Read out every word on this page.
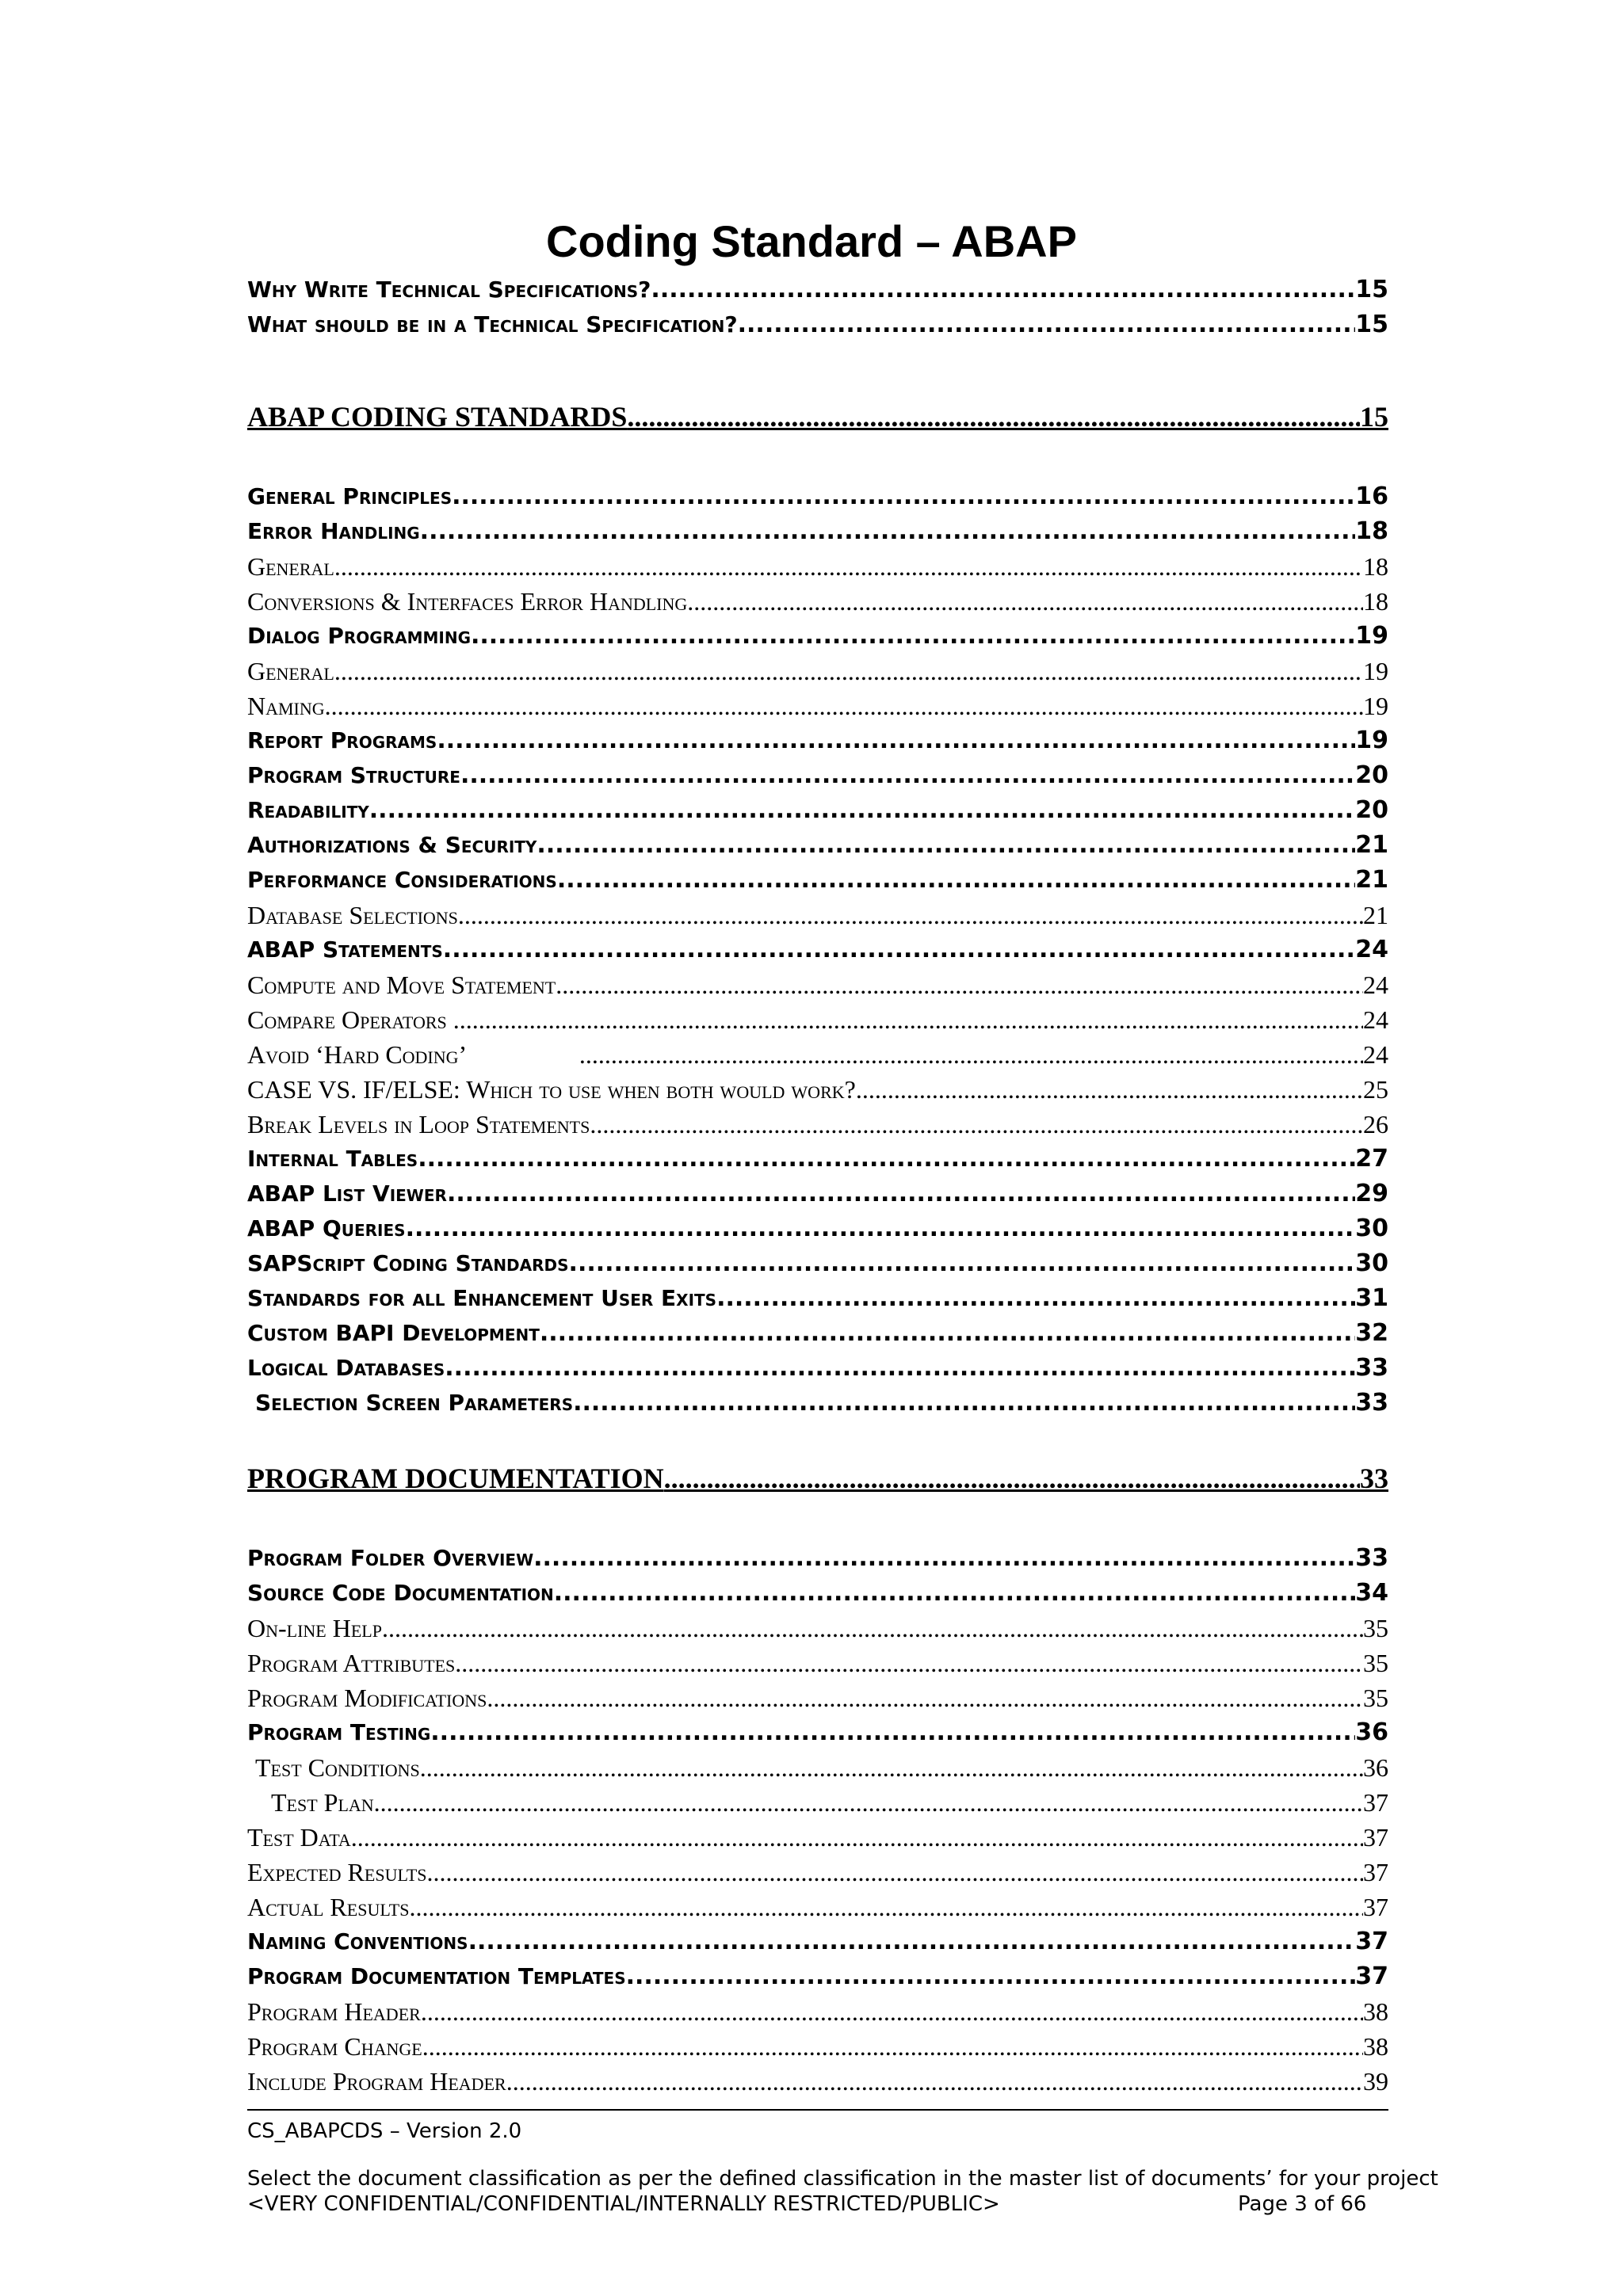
Coding Standard – ABAP
Why Write Technical Specifications? .....	15
What should be in a Technical Specification? .....	15
ABAP CODING STANDARDS .....	15
General Principles .....	16
Error Handling .....	18
General .....	18
Conversions & Interfaces Error Handling .....	18
Dialog Programming .....	19
General .....	19
Naming .....	19
Report Programs .....	19
Program Structure .....	20
Readability .....	20
Authorizations & Security .....	21
Performance Considerations .....	21
Database Selections .....	21
ABAP Statements .....	24
Compute and Move Statement .....	24
Compare Operators .....	24
Avoid ‘Hard Coding’ .....	24
CASE VS. IF/ELSE: Which to use when both would work? .....	25
Break Levels in Loop Statements .....	26
Internal Tables .....	27
ABAP List Viewer .....	29
ABAP Queries .....	30
SAPScript Coding Standards .....	30
Standards for all Enhancement User Exits .....	31
Custom BAPI Development .....	32
Logical Databases .....	33
Selection Screen Parameters .....	33
PROGRAM DOCUMENTATION .....	33
Program Folder Overview .....	33
Source Code Documentation .....	34
On-line Help .....	35
Program Attributes .....	35
Program Modifications .....	35
Program Testing .....	36
Test Conditions .....	36
Test Plan .....	37
Test Data .....	37
Expected Results .....	37
Actual Results .....	37
Naming Conventions .....	37
Program Documentation Templates .....	37
Program Header .....	38
Program Change .....	38
Include Program Header .....	39
CS_ABAPCDS – Version 2.0
Select the document classification as per the defined classification in the master list of documents’ for your project
<VERY CONFIDENTIAL/CONFIDENTIAL/INTERNALLY RESTRICTED/PUBLIC>	Page 3 of 66
